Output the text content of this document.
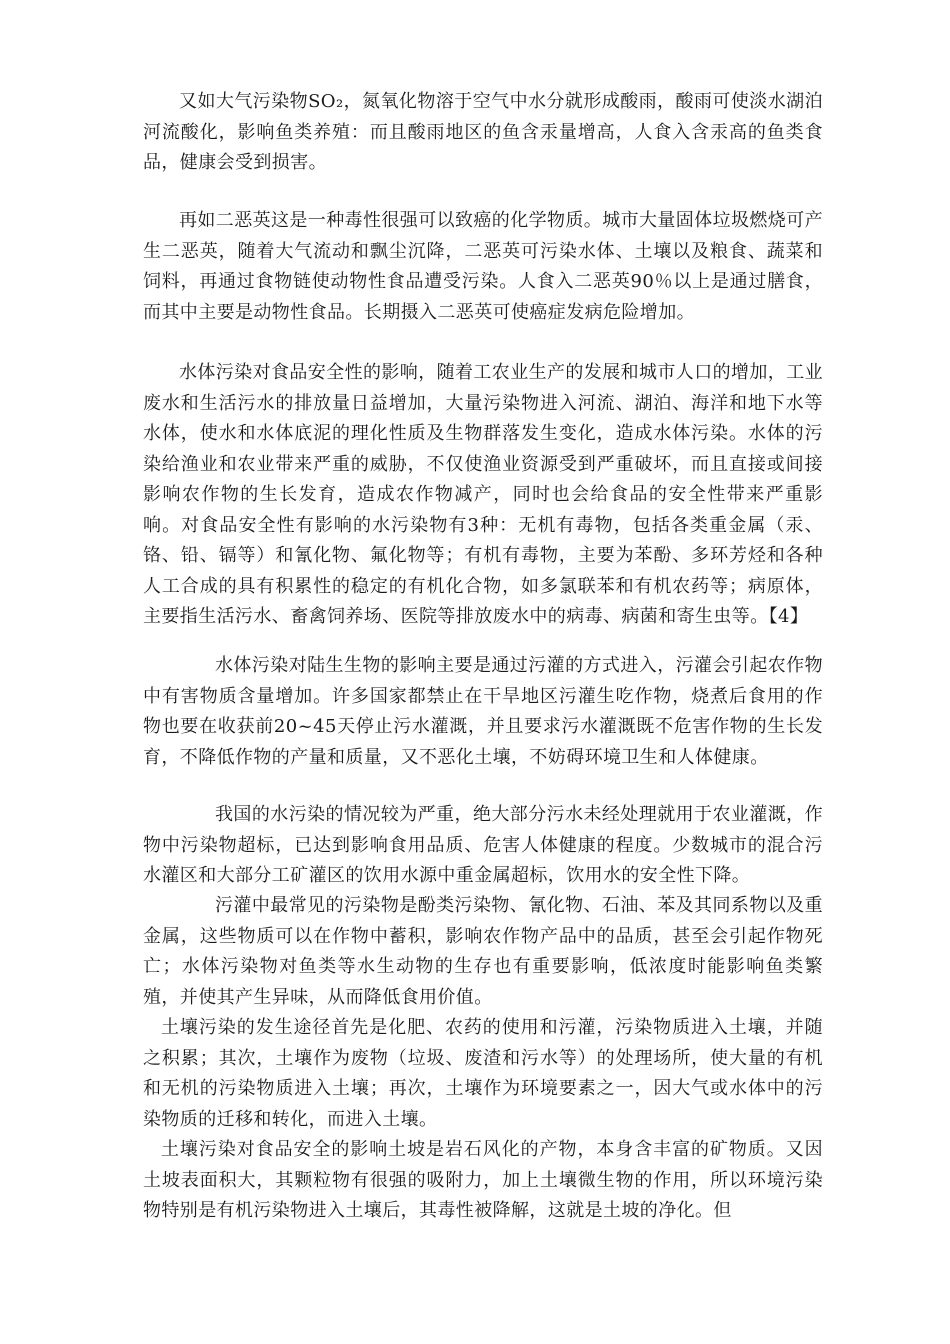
又如大气污染物SO₂，氮氧化物溶于空气中水分就形成酸雨，酸雨可使淡水湖泊河流酸化，影响鱼类养殖：而且酸雨地区的鱼含汞量增高，人食入含汞高的鱼类食品，健康会受到损害。

再如二恶英这是一种毒性很强可以致癌的化学物质。城市大量固体垃圾燃烧可产生二恶英，随着大气流动和飘尘沉降，二恶英可污染水体、土壤以及粮食、蔬菜和饲料，再通过食物链使动物性食品遭受污染。人食入二恶英90％以上是通过膳食，而其中主要是动物性食品。长期摄入二恶英可使癌症发病危险增加。

水体污染对食品安全性的影响，随着工农业生产的发展和城市人口的增加，工业废水和生活污水的排放量日益增加，大量污染物进入河流、湖泊、海洋和地下水等水体，使水和水体底泥的理化性质及生物群落发生变化，造成水体污染。水体的污染给渔业和农业带来严重的威胁，不仅使渔业资源受到严重破坏，而且直接或间接影响农作物的生长发育，造成农作物减产，同时也会给食品的安全性带来严重影响。对食品安全性有影响的水污染物有3种：无机有毒物，包括各类重金属（汞、铬、铅、镉等）和氰化物、氟化物等；有机有毒物，主要为苯酚、多环芳烃和各种人工合成的具有积累性的稳定的有机化合物，如多氯联苯和有机农药等；病原体，主要指生活污水、畜禽饲养场、医院等排放废水中的病毒、病菌和寄生虫等。【4】

水体污染对陆生生物的影响主要是通过污灌的方式进入，污灌会引起农作物中有害物质含量增加。许多国家都禁止在干旱地区污灌生吃作物，烧煮后食用的作物也要在收获前20~45天停止污水灌溉，并且要求污水灌溉既不危害作物的生长发育，不降低作物的产量和质量，又不恶化土壤，不妨碍环境卫生和人体健康。

我国的水污染的情况较为严重，绝大部分污水未经处理就用于农业灌溉，作物中污染物超标，已达到影响食用品质、危害人体健康的程度。少数城市的混合污水灌区和大部分工矿灌区的饮用水源中重金属超标，饮用水的安全性下降。

污灌中最常见的污染物是酚类污染物、氰化物、石油、苯及其同系物以及重金属，这些物质可以在作物中蓄积，影响农作物产品中的品质，甚至会引起作物死亡；水体污染物对鱼类等水生动物的生存也有重要影响，低浓度时能影响鱼类繁殖，并使其产生异味，从而降低食用价值。

土壤污染的发生途径首先是化肥、农药的使用和污灌，污染物质进入土壤，并随之积累；其次，土壤作为废物（垃圾、废渣和污水等）的处理场所，使大量的有机和无机的污染物质进入土壤；再次，土壤作为环境要素之一，因大气或水体中的污染物质的迁移和转化，而进入土壤。

土壤污染对食品安全的影响土坡是岩石风化的产物，本身含丰富的矿物质。又因土坡表面积大，其颗粒物有很强的吸附力，加上土壤微生物的作用，所以环境污染物特别是有机污染物进入土壤后，其毒性被降解，这就是土坡的净化。但
